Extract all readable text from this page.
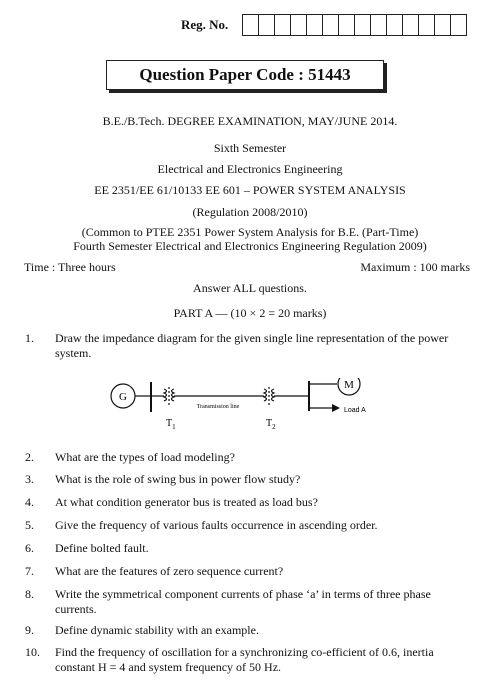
Reg. No.
Question Paper Code : 51443
B.E./B.Tech. DEGREE EXAMINATION, MAY/JUNE 2014.
Sixth Semester
Electrical and Electronics Engineering
EE 2351/EE 61/10133 EE 601 – POWER SYSTEM ANALYSIS
(Regulation 2008/2010)
(Common to PTEE 2351 Power System Analysis for B.E. (Part-Time)
Fourth Semester Electrical and Electronics Engineering Regulation 2009)
Time : Three hours	Maximum : 100 marks
Answer ALL questions.
PART A — (10 × 2 = 20 marks)
1. Draw the impedance diagram for the given single line representation of the power system.
G
M
Transmission line	Load A
$T_1$	$T_2$
2. What are the types of load modeling?
3. What is the role of swing bus in power flow study?
4. At what condition generator bus is treated as load bus?
5. Give the frequency of various faults occurrence in ascending order.
6. Define bolted fault.
7. What are the features of zero sequence current?
8. Write the symmetrical component currents of phase ‘a’ in terms of three phase currents.
9. Define dynamic stability with an example.
10. Find the frequency of oscillation for a synchronizing co-efficient of 0.6, inertia constant H = 4 and system frequency of 50 Hz.
